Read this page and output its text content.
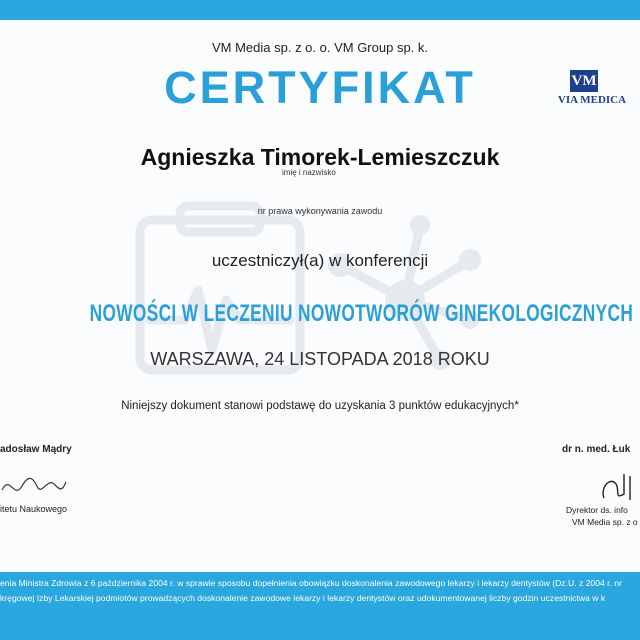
VM Media sp. z o. o. VM Group sp. k.
CERTYFIKAT	VM
VIA MEDICA
Agnieszka Timorek-Lemieszczuk
imię i nazwisko
nr prawa wykonywania zawodu
uczestniczył(a) w konferencji
NOWOŚCI W LECZENIU NOWOTWORÓW GINEKOLOGICZNYCH
WARSZAWA, 24 LISTOPADA 2018 ROKU
Niniejszy dokument stanowi podstawę do uzyskania 3 punktów edukacyjnych*
adosław Mądry
itetu Naukowego
dr n. med. Łuk
Dyrektor ds. info
VM Media sp. z o
enia Ministra Zdrowia z 6 października 2004 r. w sprawie sposobu dopełnienia obowiązku doskonalenia zawodowego lekarzy i lekarzy dentystów (Dz.U. z 2004 r. nr
kręgowej Izby Lekarskiej podmiotów prowadzących doskonalenie zawodowe lekarzy i lekarzy dentystów oraz udokumentowanej liczby godzin uczestnictwa w k
